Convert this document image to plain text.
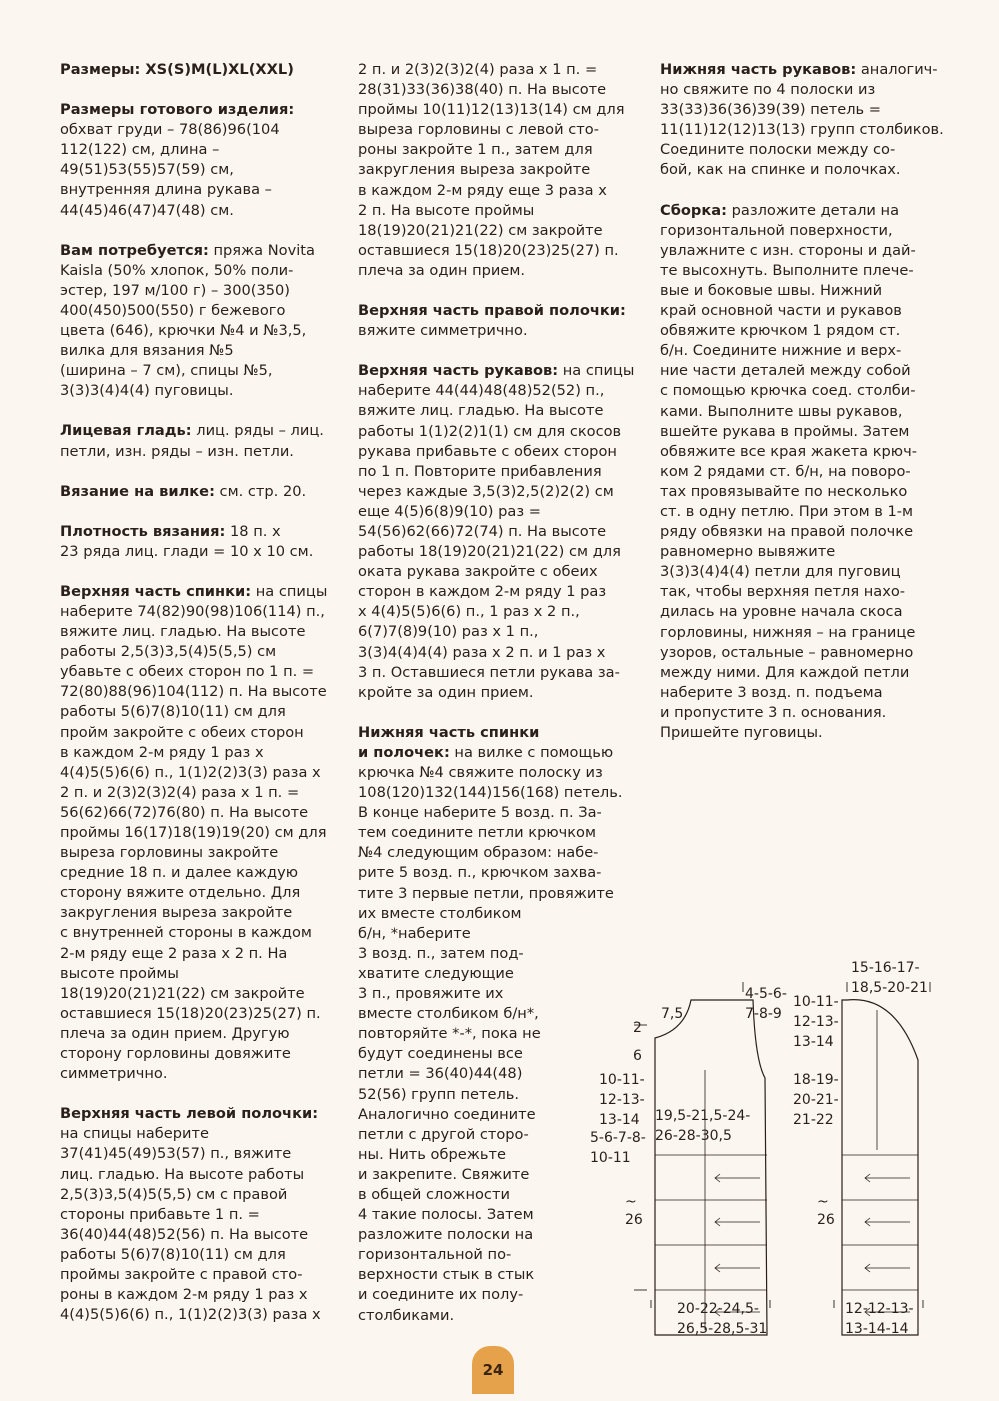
Размеры: XS(S)M(L)XL(XXL)
Размеры готового изделия:
обхват груди – 78(86)96(104
112(122) см, длина –
49(51)53(55)57(59) см,
внутренняя длина рукава –
44(45)46(47)47(48) см.
Вам потребуется: пряжа Novita
Kaisla (50% хлопок, 50% поли-
эстер, 197 м/100 г) – 300(350)
400(450)500(550) г бежевого
цвета (646), крючки №4 и №3,5,
вилка для вязания №5
(ширина – 7 см), спицы №5,
3(3)3(4)4(4) пуговицы.
Лицевая гладь: лиц. ряды – лиц.
петли, изн. ряды – изн. петли.
Вязание на вилке: см. стр. 20.
Плотность вязания: 18 п. х
23 ряда лиц. глади = 10 х 10 см.
Верхняя часть спинки: на спицы
наберите 74(82)90(98)106(114) п.,
вяжите лиц. гладью. На высоте
работы 2,5(3)3,5(4)5(5,5) см
убавьте с обеих сторон по 1 п. =
72(80)88(96)104(112) п. На высоте
работы 5(6)7(8)10(11) см для
пройм закройте с обеих сторон
в каждом 2-м ряду 1 раз х
4(4)5(5)6(6) п., 1(1)2(2)3(3) раза х
2 п. и 2(3)2(3)2(4) раза х 1 п. =
56(62)66(72)76(80) п. На высоте
проймы 16(17)18(19)19(20) см для
выреза горловины закройте
средние 18 п. и далее каждую
сторону вяжите отдельно. Для
закругления выреза закройте
с внутренней стороны в каждом
2-м ряду еще 2 раза х 2 п. На
высоте проймы
18(19)20(21)21(22) см закройте
оставшиеся 15(18)20(23)25(27) п.
плеча за один прием. Другую
сторону горловины довяжите
симметрично.
Верхняя часть левой полочки:
на спицы наберите
37(41)45(49)53(57) п., вяжите
лиц. гладью. На высоте работы
2,5(3)3,5(4)5(5,5) см с правой
стороны прибавьте 1 п. =
36(40)44(48)52(56) п. На высоте
работы 5(6)7(8)10(11) см для
проймы закройте с правой сто-
роны в каждом 2-м ряду 1 раз х
4(4)5(5)6(6) п., 1(1)2(2)3(3) раза х
2 п. и 2(3)2(3)2(4) раза х 1 п. =
28(31)33(36)38(40) п. На высоте
проймы 10(11)12(13)13(14) см для
выреза горловины с левой сто-
роны закройте 1 п., затем для
закругления выреза закройте
в каждом 2-м ряду еще 3 раза х
2 п. На высоте проймы
18(19)20(21)21(22) см закройте
оставшиеся 15(18)20(23)25(27) п.
плеча за один прием.
Верхняя часть правой полочки:
вяжите симметрично.
Верхняя часть рукавов: на спицы
наберите 44(44)48(48)52(52) п.,
вяжите лиц. гладью. На высоте
работы 1(1)2(2)1(1) см для скосов
рукава прибавьте с обеих сторон
по 1 п. Повторите прибавления
через каждые 3,5(3)2,5(2)2(2) см
еще 4(5)6(8)9(10) раз =
54(56)62(66)72(74) п. На высоте
работы 18(19)20(21)21(22) см для
оката рукава закройте с обеих
сторон в каждом 2-м ряду 1 раз
х 4(4)5(5)6(6) п., 1 раз х 2 п.,
6(7)7(8)9(10) раз х 1 п.,
3(3)4(4)4(4) раза х 2 п. и 1 раз х
3 п. Оставшиеся петли рукава за-
кройте за один прием.
Нижняя часть спинки
и полочек: на вилке с помощью
крючка №4 свяжите полоску из
108(120)132(144)156(168) петель.
В конце наберите 5 возд. п. За-
тем соедините петли крючком
№4 следующим образом: набе-
рите 5 возд. п., крючком захва-
тите 3 первые петли, провяжите
их вместе столбиком
б/н, *наберите
3 возд. п., затем под-
хватите следующие
3 п., провяжите их
вместе столбиком б/н*,
повторяйте *-*, пока не
будут соединены все
петли = 36(40)44(48)
52(56) групп петель.
Аналогично соедините
петли с другой сторо-
ны. Нить обрежьте
и закрепите. Свяжите
в общей сложности
4 такие полосы. Затем
разложите полоски на
горизонтальной по-
верхности стык в стык
и соедините их полу-
столбиками.
Нижняя часть рукавов: аналогич-
но свяжите по 4 полоски из
33(33)36(36)39(39) петель =
11(11)12(12)13(13) групп столбиков.
Соедините полоски между со-
бой, как на спинке и полочках.
Сборка: разложите детали на
горизонтальной поверхности,
увлажните с изн. стороны и дай-
те высохнуть. Выполните плече-
вые и боковые швы. Нижний
край основной части и рукавов
обвяжите крючком 1 рядом ст.
б/н. Соедините нижние и верх-
ние части деталей между собой
с помощью крючка соед. столби-
ками. Выполните швы рукавов,
вшейте рукава в проймы. Затем
обвяжите все края жакета крюч-
ком 2 рядами ст. б/н, на поворо-
тах провязывайте по несколько
ст. в одну петлю. При этом в 1-м
ряду обвязки на правой полочке
равномерно вывяжите
3(3)3(4)4(4) петли для пуговиц
так, чтобы верхняя петля нахо-
дилась на уровне начала скоса
горловины, нижняя – на границе
узоров, остальные – равномерно
между ними. Для каждой петли
наберите 3 возд. п. подъема
и пропустите 3 п. основания.
Пришейте пуговицы.
7,5
4-5-6-
7-8-9
2
6
10-11-
12-13-
13-14 19,5-21,5-24-
26-28-30,5
5-6-7-8-
10-11
~
26
20-22-24,5-
26,5-28,5-31
15-16-17-
18,5-20-21
10-11-
12-13-
13-14
18-19-
20-21-
21-22
~
26
12-12-13-
13-14-14
24
